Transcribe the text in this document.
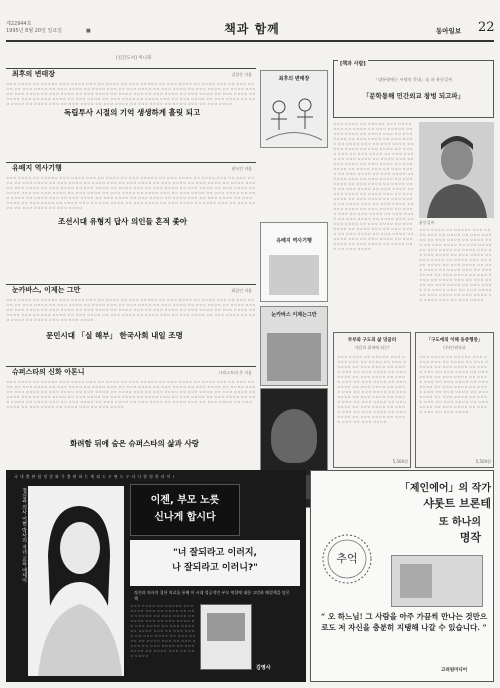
제22944호
1995년 8월 20일 일요일	■	책과 함께	동아일보 22
[신간도서] 미니북
최후의 변태장	김창준 저음
ㅇㅇㅇ ㅇㅇㅇㅇ ㅇㅇ ㅇㅇㅇㅇㅇ ㅇㅇㅇ ㅇㅇㅇㅇ ㅇㅇㅇ ㅇㅇ ㅇㅇㅇㅇ ㅇㅇ ㅇㅇㅇ ㅇㅇㅇㅇㅇ ㅇㅇ ㅇㅇㅇ ㅇㅇㅇㅇ ㅇㅇ ㅇㅇㅇㅇ ㅇㅇㅇ ㅇㅇ ㅇㅇㅇ ㅇㅇㅇㅇ ㅇㅇ ㅇㅇㅇ ㅇㅇㅇㅇ ㅇㅇ ㅇㅇㅇ ㅇㅇㅇㅇ ㅇㅇ ㅇㅇㅇㅇ ㅇㅇㅇ ㅇㅇ ㅇㅇㅇ ㅇㅇㅇㅇ ㅇㅇ ㅇㅇㅇ ㅇㅇㅇㅇ ㅇㅇ ㅇㅇㅇ ㅇㅇㅇㅇ ㅇㅇ ㅇㅇㅇㅇ ㅇㅇㅇ ㅇㅇ ㅇㅇㅇ ㅇㅇㅇㅇ ㅇㅇ ㅇㅇㅇ ㅇㅇㅇㅇ ㅇㅇ ㅇㅇㅇ ㅇㅇㅇㅇ ㅇㅇ ㅇㅇㅇㅇ ㅇㅇㅇ ㅇㅇ ㅇㅇㅇ ㅇㅇㅇㅇ ㅇㅇ ㅇㅇㅇ ㅇㅇㅇㅇ ㅇㅇ ㅇㅇㅇ ㅇㅇㅇㅇ ㅇㅇ ㅇㅇㅇㅇ ㅇㅇㅇ ㅇㅇ ㅇㅇㅇ ㅇㅇㅇㅇ ㅇㅇ ㅇㅇㅇ ㅇㅇㅇㅇ ㅇㅇ ㅇㅇㅇ ㅇㅇㅇㅇ ㅇㅇ ㅇㅇㅇㅇ ㅇㅇㅇ ㅇㅇ ㅇㅇㅇ ㅇㅇㅇㅇ ㅇㅇ ㅇㅇㅇ ㅇㅇㅇㅇ ㅇㅇ ㅇㅇㅇ ㅇㅇㅇㅇ ㅇㅇ ㅇㅇㅇㅇ ㅇㅇㅇ ㅇㅇ ㅇㅇㅇ ㅇㅇㅇㅇ ㅇㅇ ㅇㅇㅇ ㅇㅇㅇㅇ ㅇㅇ ㅇㅇㅇ ㅇㅇㅇㅇ ㅇㅇ ㅇㅇㅇㅇ ㅇㅇㅇ ㅇㅇ ㅇㅇㅇ ㅇㅇㅇㅇ
독립투사 시절의 기억 생생하게 흘릿 되고
최후의 변태장
유배지 역사기행	권녹인 저음
ㅇㅇㅇ ㅇㅇㅇㅇ ㅇㅇ ㅇㅇㅇㅇㅇ ㅇㅇㅇ ㅇㅇㅇㅇ ㅇㅇㅇ ㅇㅇ ㅇㅇㅇㅇ ㅇㅇ ㅇㅇㅇ ㅇㅇㅇㅇㅇ ㅇㅇ ㅇㅇㅇ ㅇㅇㅇㅇ ㅇㅇ ㅇㅇㅇㅇ ㅇㅇㅇ ㅇㅇ ㅇㅇㅇ ㅇㅇㅇㅇ ㅇㅇ ㅇㅇㅇ ㅇㅇㅇㅇ ㅇㅇ ㅇㅇㅇ ㅇㅇㅇㅇ ㅇㅇ ㅇㅇㅇㅇ ㅇㅇㅇ ㅇㅇ ㅇㅇㅇ ㅇㅇㅇㅇ ㅇㅇ ㅇㅇㅇ ㅇㅇㅇㅇ ㅇㅇ ㅇㅇㅇ ㅇㅇㅇㅇ ㅇㅇ ㅇㅇㅇㅇ ㅇㅇㅇ ㅇㅇ ㅇㅇㅇ ㅇㅇㅇㅇ ㅇㅇ ㅇㅇㅇ ㅇㅇㅇㅇ ㅇㅇ ㅇㅇㅇ ㅇㅇㅇㅇ ㅇㅇ ㅇㅇㅇㅇ ㅇㅇㅇ ㅇㅇ ㅇㅇㅇ ㅇㅇㅇㅇ ㅇㅇ ㅇㅇㅇ ㅇㅇㅇㅇ ㅇㅇ ㅇㅇㅇ ㅇㅇㅇㅇ ㅇㅇ ㅇㅇㅇㅇ ㅇㅇㅇ ㅇㅇ ㅇㅇㅇ ㅇㅇㅇㅇ ㅇㅇ ㅇㅇㅇ ㅇㅇㅇㅇ ㅇㅇ ㅇㅇㅇ ㅇㅇㅇㅇ ㅇㅇ ㅇㅇㅇㅇ ㅇㅇㅇ ㅇㅇ ㅇㅇㅇ ㅇㅇㅇㅇ ㅇㅇ ㅇㅇㅇ ㅇㅇㅇㅇ ㅇㅇ ㅇㅇㅇ ㅇㅇㅇㅇ ㅇㅇ ㅇㅇㅇㅇ ㅇㅇㅇ ㅇㅇ ㅇㅇㅇ ㅇㅇㅇㅇ ㅇㅇ ㅇㅇㅇ ㅇㅇㅇㅇ ㅇㅇ ㅇㅇㅇ ㅇㅇㅇㅇ ㅇㅇ ㅇㅇㅇㅇ ㅇㅇㅇ ㅇㅇ ㅇㅇㅇ ㅇㅇㅇㅇ ㅇㅇ ㅇㅇㅇ ㅇㅇㅇㅇ ㅇㅇ ㅇㅇㅇ ㅇㅇㅇㅇ ㅇㅇ ㅇㅇㅇㅇ ㅇㅇㅇ ㅇㅇ ㅇㅇㅇ ㅇㅇㅇㅇ ㅇㅇ ㅇㅇㅇ ㅇㅇㅇㅇ ㅇㅇ ㅇㅇㅇ ㅇㅇㅇㅇ ㅇㅇ ㅇㅇㅇㅇ ㅇㅇㅇ ㅇㅇ ㅇㅇㅇ ㅇㅇㅇㅇ ㅇㅇ ㅇㅇㅇ ㅇㅇㅇㅇ ㅇㅇ ㅇㅇㅇ ㅇㅇㅇㅇ
조선시대 유형지 답사 의인들 흔적 좇아
유배지 역사기행
눈카바스, 이제는 그만	최일린 저음
ㅇㅇㅇ ㅇㅇㅇㅇ ㅇㅇ ㅇㅇㅇㅇㅇ ㅇㅇㅇ ㅇㅇㅇㅇ ㅇㅇㅇ ㅇㅇ ㅇㅇㅇㅇ ㅇㅇ ㅇㅇㅇ ㅇㅇㅇㅇㅇ ㅇㅇ ㅇㅇㅇ ㅇㅇㅇㅇ ㅇㅇ ㅇㅇㅇㅇ ㅇㅇㅇ ㅇㅇ ㅇㅇㅇ ㅇㅇㅇㅇ ㅇㅇ ㅇㅇㅇ ㅇㅇㅇㅇ ㅇㅇ ㅇㅇㅇ ㅇㅇㅇㅇ ㅇㅇ ㅇㅇㅇㅇ ㅇㅇㅇ ㅇㅇ ㅇㅇㅇ ㅇㅇㅇㅇ ㅇㅇ ㅇㅇㅇ ㅇㅇㅇㅇ ㅇㅇ ㅇㅇㅇ ㅇㅇㅇㅇ ㅇㅇ ㅇㅇㅇㅇ ㅇㅇㅇ ㅇㅇ ㅇㅇㅇ ㅇㅇㅇㅇ ㅇㅇ ㅇㅇㅇ ㅇㅇㅇㅇ ㅇㅇ ㅇㅇㅇ ㅇㅇㅇㅇ ㅇㅇ ㅇㅇㅇㅇ ㅇㅇㅇ ㅇㅇ ㅇㅇㅇ ㅇㅇㅇㅇ ㅇㅇ ㅇㅇㅇ ㅇㅇㅇㅇ ㅇㅇ ㅇㅇㅇ ㅇㅇㅇㅇ ㅇㅇ ㅇㅇㅇㅇ ㅇㅇㅇ ㅇㅇ ㅇㅇㅇ ㅇㅇㅇㅇ ㅇㅇ ㅇㅇㅇ ㅇㅇㅇㅇ ㅇㅇ ㅇㅇㅇ ㅇㅇㅇㅇ ㅇㅇ ㅇㅇㅇㅇ ㅇㅇㅇ ㅇㅇ ㅇㅇㅇ ㅇㅇㅇㅇ ㅇㅇ ㅇㅇㅇ ㅇㅇㅇㅇ ㅇㅇ ㅇㅇㅇ ㅇㅇㅇㅇ ㅇㅇ ㅇㅇㅇㅇ ㅇㅇㅇ ㅇㅇ ㅇㅇㅇ ㅇㅇㅇㅇ
문민시대 「실 해부」 한국사회 내일 조명
눈카바스 이제는그만
슈퍼스타의 신화 아톤니	크리스토퍼 존 저음
ㅇㅇㅇ ㅇㅇㅇㅇ ㅇㅇ ㅇㅇㅇㅇㅇ ㅇㅇㅇ ㅇㅇㅇㅇ ㅇㅇㅇ ㅇㅇ ㅇㅇㅇㅇ ㅇㅇ ㅇㅇㅇ ㅇㅇㅇㅇㅇ ㅇㅇ ㅇㅇㅇ ㅇㅇㅇㅇ ㅇㅇ ㅇㅇㅇㅇ ㅇㅇㅇ ㅇㅇ ㅇㅇㅇ ㅇㅇㅇㅇ ㅇㅇ ㅇㅇㅇ ㅇㅇㅇㅇ ㅇㅇ ㅇㅇㅇ ㅇㅇㅇㅇ ㅇㅇ ㅇㅇㅇㅇ ㅇㅇㅇ ㅇㅇ ㅇㅇㅇ ㅇㅇㅇㅇ ㅇㅇ ㅇㅇㅇ ㅇㅇㅇㅇ ㅇㅇ ㅇㅇㅇ ㅇㅇㅇㅇ ㅇㅇ ㅇㅇㅇㅇ ㅇㅇㅇ ㅇㅇ ㅇㅇㅇ ㅇㅇㅇㅇ ㅇㅇ ㅇㅇㅇ ㅇㅇㅇㅇ ㅇㅇ ㅇㅇㅇ ㅇㅇㅇㅇ ㅇㅇ ㅇㅇㅇㅇ ㅇㅇㅇ ㅇㅇ ㅇㅇㅇ ㅇㅇㅇㅇ ㅇㅇ ㅇㅇㅇ ㅇㅇㅇㅇ ㅇㅇ ㅇㅇㅇ ㅇㅇㅇㅇ ㅇㅇ ㅇㅇㅇㅇ ㅇㅇㅇ ㅇㅇ ㅇㅇㅇ ㅇㅇㅇㅇ ㅇㅇ ㅇㅇㅇ ㅇㅇㅇㅇ ㅇㅇ ㅇㅇㅇ ㅇㅇㅇㅇ ㅇㅇ ㅇㅇㅇㅇ ㅇㅇㅇ ㅇㅇ ㅇㅇㅇ ㅇㅇㅇㅇ ㅇㅇ ㅇㅇㅇ ㅇㅇㅇㅇ ㅇㅇ ㅇㅇㅇ ㅇㅇㅇㅇ ㅇㅇ ㅇㅇㅇㅇ ㅇㅇㅇ ㅇㅇ ㅇㅇㅇ ㅇㅇㅇㅇ ㅇㅇ ㅇㅇㅇ ㅇㅇㅇㅇ ㅇㅇ ㅇㅇㅇ ㅇㅇㅇㅇ ㅇㅇ ㅇㅇㅇㅇ ㅇㅇㅇ ㅇㅇ ㅇㅇㅇ ㅇㅇㅇㅇ ㅇㅇ ㅇㅇㅇ ㅇㅇㅇㅇ ㅇㅇ ㅇㅇㅇ ㅇㅇㅇㅇ ㅇㅇ ㅇㅇㅇㅇ ㅇㅇㅇ ㅇㅇ ㅇㅇㅇ ㅇㅇㅇㅇ
화려함 뒤에 숨은 슈퍼스타의 삶과 사랑
[책과 사람]
「대통령에는 서양의 문대」를 펴 윤동길씨
「문학통해 민간외교 창벙 되고파」
ㅇㅇㅇ ㅇㅇㅇㅇ ㅇㅇ ㅇㅇㅇㅇㅇ ㅇㅇㅇ ㅇㅇㅇㅇ ㅇㅇㅇ ㅇㅇ ㅇㅇㅇㅇ ㅇㅇ ㅇㅇㅇ ㅇㅇㅇㅇㅇ ㅇㅇ ㅇㅇㅇ ㅇㅇㅇㅇ ㅇㅇ ㅇㅇㅇㅇ ㅇㅇㅇ ㅇㅇ ㅇㅇㅇ ㅇㅇㅇㅇ ㅇㅇ ㅇㅇㅇ ㅇㅇㅇㅇ ㅇㅇ ㅇㅇㅇ ㅇㅇㅇㅇ ㅇㅇ ㅇㅇㅇㅇ ㅇㅇㅇ ㅇㅇ ㅇㅇㅇ ㅇㅇㅇㅇ ㅇㅇ ㅇㅇㅇ ㅇㅇㅇㅇ ㅇㅇ ㅇㅇㅇ ㅇㅇㅇㅇ ㅇㅇ ㅇㅇㅇㅇ ㅇㅇㅇ ㅇㅇ ㅇㅇㅇ ㅇㅇㅇㅇ ㅇㅇ ㅇㅇㅇ ㅇㅇㅇㅇ ㅇㅇ ㅇㅇㅇ ㅇㅇㅇㅇ ㅇㅇ ㅇㅇㅇㅇ ㅇㅇㅇ ㅇㅇ ㅇㅇㅇ ㅇㅇㅇㅇ ㅇㅇ ㅇㅇㅇ ㅇㅇㅇㅇ ㅇㅇ ㅇㅇㅇ ㅇㅇㅇㅇ ㅇㅇ ㅇㅇㅇㅇ ㅇㅇㅇ ㅇㅇ ㅇㅇㅇ ㅇㅇㅇㅇ ㅇㅇ ㅇㅇㅇ ㅇㅇㅇㅇ ㅇㅇ ㅇㅇㅇ ㅇㅇㅇㅇ ㅇㅇ ㅇㅇㅇㅇ ㅇㅇㅇ ㅇㅇ ㅇㅇㅇ ㅇㅇㅇㅇ ㅇㅇ ㅇㅇㅇ ㅇㅇㅇㅇ ㅇㅇ ㅇㅇㅇ ㅇㅇㅇㅇ ㅇㅇ ㅇㅇㅇㅇ ㅇㅇㅇ ㅇㅇ ㅇㅇㅇ ㅇㅇㅇㅇ ㅇㅇ ㅇㅇㅇ ㅇㅇㅇㅇ ㅇㅇ ㅇㅇㅇ ㅇㅇㅇㅇ ㅇㅇ ㅇㅇㅇㅇ ㅇㅇㅇ ㅇㅇ ㅇㅇㅇ ㅇㅇㅇㅇ ㅇㅇ ㅇㅇㅇ ㅇㅇㅇㅇ ㅇㅇ ㅇㅇㅇ ㅇㅇㅇㅇ ㅇㅇ ㅇㅇㅇㅇ ㅇㅇㅇ ㅇㅇ ㅇㅇㅇ ㅇㅇㅇㅇ ㅇㅇ ㅇㅇㅇ ㅇㅇㅇㅇ ㅇㅇ ㅇㅇㅇ ㅇㅇㅇㅇ ㅇㅇ ㅇㅇㅇㅇ ㅇㅇㅇ ㅇㅇ ㅇㅇㅇ ㅇㅇㅇㅇ ㅇㅇ ㅇㅇㅇ ㅇㅇㅇㅇ ㅇㅇ ㅇㅇㅇ ㅇㅇㅇㅇ ㅇㅇ ㅇㅇㅇㅇ ㅇㅇㅇ ㅇㅇ ㅇㅇㅇ ㅇㅇㅇㅇ ㅇㅇ ㅇㅇㅇ ㅇㅇㅇㅇ ㅇㅇ ㅇㅇㅇ ㅇㅇㅇㅇ ㅇㅇ ㅇㅇㅇㅇ ㅇㅇㅇ ㅇㅇ ㅇㅇㅇ ㅇㅇㅇㅇ ㅇㅇ ㅇㅇㅇ ㅇㅇㅇㅇ ㅇㅇ ㅇㅇㅇ ㅇㅇㅇㅇ ㅇㅇ ㅇㅇㅇㅇ ㅇㅇㅇ ㅇㅇ ㅇㅇㅇ ㅇㅇㅇㅇ ㅇㅇ ㅇㅇㅇ ㅇㅇㅇㅇ ㅇㅇ ㅇㅇㅇ ㅇㅇㅇㅇ ㅇㅇ ㅇㅇㅇㅇ ㅇㅇㅇ ㅇㅇ ㅇㅇㅇ ㅇㅇㅇㅇ
윤동길씨
ㅇㅇㅇ ㅇㅇㅇㅇ ㅇㅇ ㅇㅇㅇㅇㅇ ㅇㅇㅇ ㅇㅇㅇㅇ ㅇㅇㅇ ㅇㅇ ㅇㅇㅇㅇ ㅇㅇ ㅇㅇㅇ ㅇㅇㅇㅇㅇ ㅇㅇ ㅇㅇㅇ ㅇㅇㅇㅇ ㅇㅇ ㅇㅇㅇㅇ ㅇㅇㅇ ㅇㅇ ㅇㅇㅇ ㅇㅇㅇㅇ ㅇㅇ ㅇㅇㅇ ㅇㅇㅇㅇ ㅇㅇ ㅇㅇㅇ ㅇㅇㅇㅇ ㅇㅇ ㅇㅇㅇㅇ ㅇㅇㅇ ㅇㅇ ㅇㅇㅇ ㅇㅇㅇㅇ ㅇㅇ ㅇㅇㅇ ㅇㅇㅇㅇ ㅇㅇ ㅇㅇㅇ ㅇㅇㅇㅇ ㅇㅇ ㅇㅇㅇㅇ ㅇㅇㅇ ㅇㅇ ㅇㅇㅇ ㅇㅇㅇㅇ ㅇㅇ ㅇㅇㅇ ㅇㅇㅇㅇ ㅇㅇ ㅇㅇㅇ ㅇㅇㅇㅇ ㅇㅇ ㅇㅇㅇㅇ ㅇㅇㅇ ㅇㅇ ㅇㅇㅇ ㅇㅇㅇㅇ ㅇㅇ ㅇㅇㅇ ㅇㅇㅇㅇ ㅇㅇ ㅇㅇㅇ ㅇㅇㅇㅇ ㅇㅇ ㅇㅇㅇㅇ ㅇㅇㅇ ㅇㅇ ㅇㅇㅇ ㅇㅇㅇㅇ ㅇㅇ ㅇㅇㅇ ㅇㅇㅇㅇ ㅇㅇ ㅇㅇㅇ ㅇㅇㅇㅇ ㅇㅇ ㅇㅇㅇㅇ ㅇㅇㅇ ㅇㅇ ㅇㅇㅇ ㅇㅇㅇㅇ ㅇㅇ ㅇㅇㅇ ㅇㅇㅇㅇ ㅇㅇ ㅇㅇㅇ ㅇㅇㅇㅇ ㅇㅇ ㅇㅇㅇㅇ ㅇㅇㅇ ㅇㅇ ㅇㅇㅇ ㅇㅇㅇㅇ
부부와 구도의 삶 덩굴러
자칼과 위세에 되는!
ㅇㅇㅇ ㅇㅇㅇㅇ ㅇㅇ ㅇㅇㅇㅇㅇ ㅇㅇㅇ ㅇㅇㅇㅇ ㅇㅇㅇ ㅇㅇ ㅇㅇㅇㅇ ㅇㅇ ㅇㅇㅇ ㅇㅇㅇㅇㅇ ㅇㅇ ㅇㅇㅇ ㅇㅇㅇㅇ ㅇㅇ ㅇㅇㅇㅇ ㅇㅇㅇ ㅇㅇ ㅇㅇㅇ ㅇㅇㅇㅇ ㅇㅇ ㅇㅇㅇ ㅇㅇㅇㅇ ㅇㅇ ㅇㅇㅇ ㅇㅇㅇㅇ ㅇㅇ ㅇㅇㅇㅇ ㅇㅇㅇ ㅇㅇ ㅇㅇㅇ ㅇㅇㅇㅇ ㅇㅇ ㅇㅇㅇ ㅇㅇㅇㅇ ㅇㅇ ㅇㅇㅇ ㅇㅇㅇㅇ ㅇㅇ ㅇㅇㅇㅇ ㅇㅇㅇ ㅇㅇ ㅇㅇㅇ ㅇㅇㅇㅇ ㅇㅇ ㅇㅇㅇ ㅇㅇㅇㅇ ㅇㅇ ㅇㅇㅇ ㅇㅇㅇㅇ ㅇㅇ ㅇㅇㅇㅇ ㅇㅇㅇ ㅇㅇ ㅇㅇㅇ ㅇㅇㅇㅇ ㅇㅇ ㅇㅇㅇ ㅇㅇㅇㅇ ㅇㅇ ㅇㅇㅇ ㅇㅇㅇㅇ ㅇㅇ ㅇㅇㅇㅇ ㅇㅇㅇ ㅇㅇ ㅇㅇㅇ ㅇㅇㅇㅇ ㅇㅇ ㅇㅇㅇ ㅇㅇㅇㅇ ㅇㅇ ㅇㅇㅇ ㅇㅇㅇㅇ ㅇㅇ ㅇㅇㅇㅇ ㅇㅇㅇ ㅇㅇ ㅇㅇㅇ ㅇㅇㅇㅇ
5,500원
「구도에의 이해 둥증행증」
(주)인권자료
ㅇㅇㅇ ㅇㅇㅇㅇ ㅇㅇ ㅇㅇㅇㅇㅇ ㅇㅇㅇ ㅇㅇㅇㅇ ㅇㅇㅇ ㅇㅇ ㅇㅇㅇㅇ ㅇㅇ ㅇㅇㅇ ㅇㅇㅇㅇㅇ ㅇㅇ ㅇㅇㅇ ㅇㅇㅇㅇ ㅇㅇ ㅇㅇㅇㅇ ㅇㅇㅇ ㅇㅇ ㅇㅇㅇ ㅇㅇㅇㅇ ㅇㅇ ㅇㅇㅇ ㅇㅇㅇㅇ ㅇㅇ ㅇㅇㅇ ㅇㅇㅇㅇ ㅇㅇ ㅇㅇㅇㅇ ㅇㅇㅇ ㅇㅇ ㅇㅇㅇ ㅇㅇㅇㅇ ㅇㅇ ㅇㅇㅇ ㅇㅇㅇㅇ ㅇㅇ ㅇㅇㅇ ㅇㅇㅇㅇ ㅇㅇ ㅇㅇㅇㅇ ㅇㅇㅇ ㅇㅇ ㅇㅇㅇ ㅇㅇㅇㅇ ㅇㅇ ㅇㅇㅇ ㅇㅇㅇㅇ ㅇㅇ ㅇㅇㅇ ㅇㅇㅇㅇ ㅇㅇ ㅇㅇㅇㅇ ㅇㅇㅇ ㅇㅇ ㅇㅇㅇ ㅇㅇㅇㅇ ㅇㅇ ㅇㅇㅇ ㅇㅇㅇㅇ ㅇㅇ ㅇㅇㅇ ㅇㅇㅇㅇ ㅇㅇ ㅇㅇㅇㅇ ㅇㅇㅇ ㅇㅇ ㅇㅇㅇ ㅇㅇㅇㅇ
5,500원
국 내 출 판 됩 정 상 와 가 출 판 하 는 세 외 도 우 판 도 우 라 디 한 원 한 라 이 !
정신과 의사 이현 박사의 자녀 교육 에세이	이젠, 부모 노릇
신나게 합시다
"너 잘되라고 이러지,
나 잘되라고 이러니?"
정신과 의사의 집단 치료를 통해 이 시대 성공적인 부모 역할에 대한 고민과 해결책을 담은 책
김영사
ㅇㅇㅇ ㅇㅇㅇㅇ ㅇㅇ ㅇㅇㅇㅇㅇ ㅇㅇㅇ ㅇㅇㅇㅇ ㅇㅇㅇ ㅇㅇ ㅇㅇㅇㅇ ㅇㅇ ㅇㅇㅇ ㅇㅇㅇㅇㅇ ㅇㅇ ㅇㅇㅇ ㅇㅇㅇㅇ ㅇㅇ ㅇㅇㅇㅇ ㅇㅇㅇ ㅇㅇ ㅇㅇㅇ ㅇㅇㅇㅇ ㅇㅇ ㅇㅇㅇ ㅇㅇㅇㅇ ㅇㅇ ㅇㅇㅇ ㅇㅇㅇㅇ ㅇㅇ ㅇㅇㅇㅇ ㅇㅇㅇ ㅇㅇ ㅇㅇㅇ ㅇㅇㅇㅇ ㅇㅇ ㅇㅇㅇ ㅇㅇㅇㅇ ㅇㅇ ㅇㅇㅇ ㅇㅇㅇㅇ ㅇㅇ ㅇㅇㅇㅇ ㅇㅇㅇ ㅇㅇ ㅇㅇㅇ ㅇㅇㅇㅇ ㅇㅇ ㅇㅇㅇ ㅇㅇㅇㅇ ㅇㅇ ㅇㅇㅇ ㅇㅇㅇㅇ ㅇㅇ ㅇㅇㅇㅇ ㅇㅇㅇ ㅇㅇ ㅇㅇㅇ ㅇㅇㅇㅇ
「제인에어」의 작가
샤롯트 브론테
또 하나의
명작
추억
“ 오 하느님! 그 사람을 아주 가끔씩 만나는 것만으로도 저 자신을 충분히 지탱해 나갈 수 있습니다. ”
고려원미디어
